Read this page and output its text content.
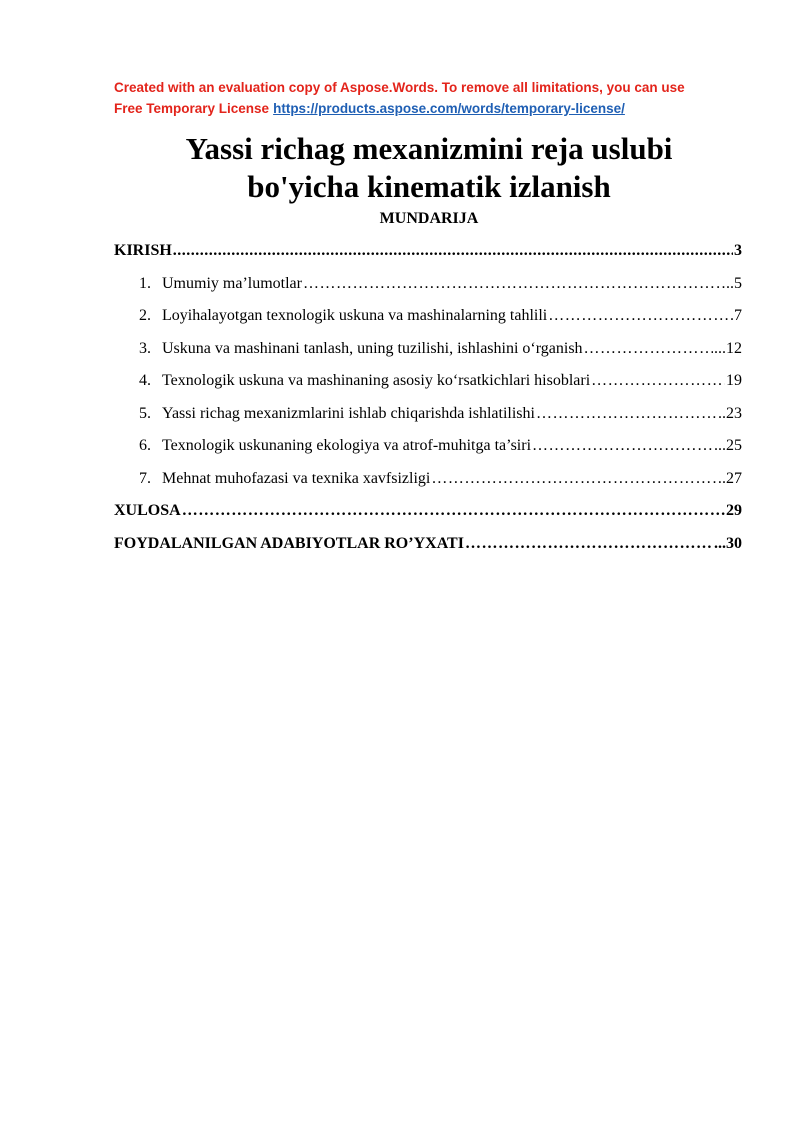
Created with an evaluation copy of Aspose.Words. To remove all limitations, you can use
Free Temporary License https://products.aspose.com/words/temporary-license/
Yassi richag mexanizmini reja uslubi
bo'yicha kinematik izlanish
MUNDARIJA
KIRISH .....	3
1. Umumiy ma’lumotlar …………………………………………………………………………………………………………………………………………………………………………………………	..5
2. Loyihalayotgan texnologik uskuna va mashinalarning tahlili …………………………………………………………………………………………………………………………………………………………………………………………	.7
3. Uskuna va mashinani tanlash, uning tuzilishi, ishlashini o‘rganish …………………………………………………………………………………………………………………………………………………………………………………………	...12
4. Texnologik uskuna va mashinaning asosiy ko‘rsatkichlari hisoblari …………………………………………………………………………………………………………………………………………………………………………………………	19
5. Yassi richag mexanizmlarini ishlab chiqarishda ishlatilishi …………………………………………………………………………………………………………………………………………………………………………………………	..23
6. Texnologik uskunaning ekologiya va atrof-muhitga ta’siri …………………………………………………………………………………………………………………………………………………………………………………………	...25
7. Mehnat muhofazasi va texnika xavfsizligi …………………………………………………………………………………………………………………………………………………………………………………………	.27
XULOSA …………………………………………………………………………………………………………………………………………………………………………………………	29
FOYDALANILGAN ADABIYOTLAR RO’YXATI …………………………………………………………………………………………………………………………………………………………………………………………	...30
